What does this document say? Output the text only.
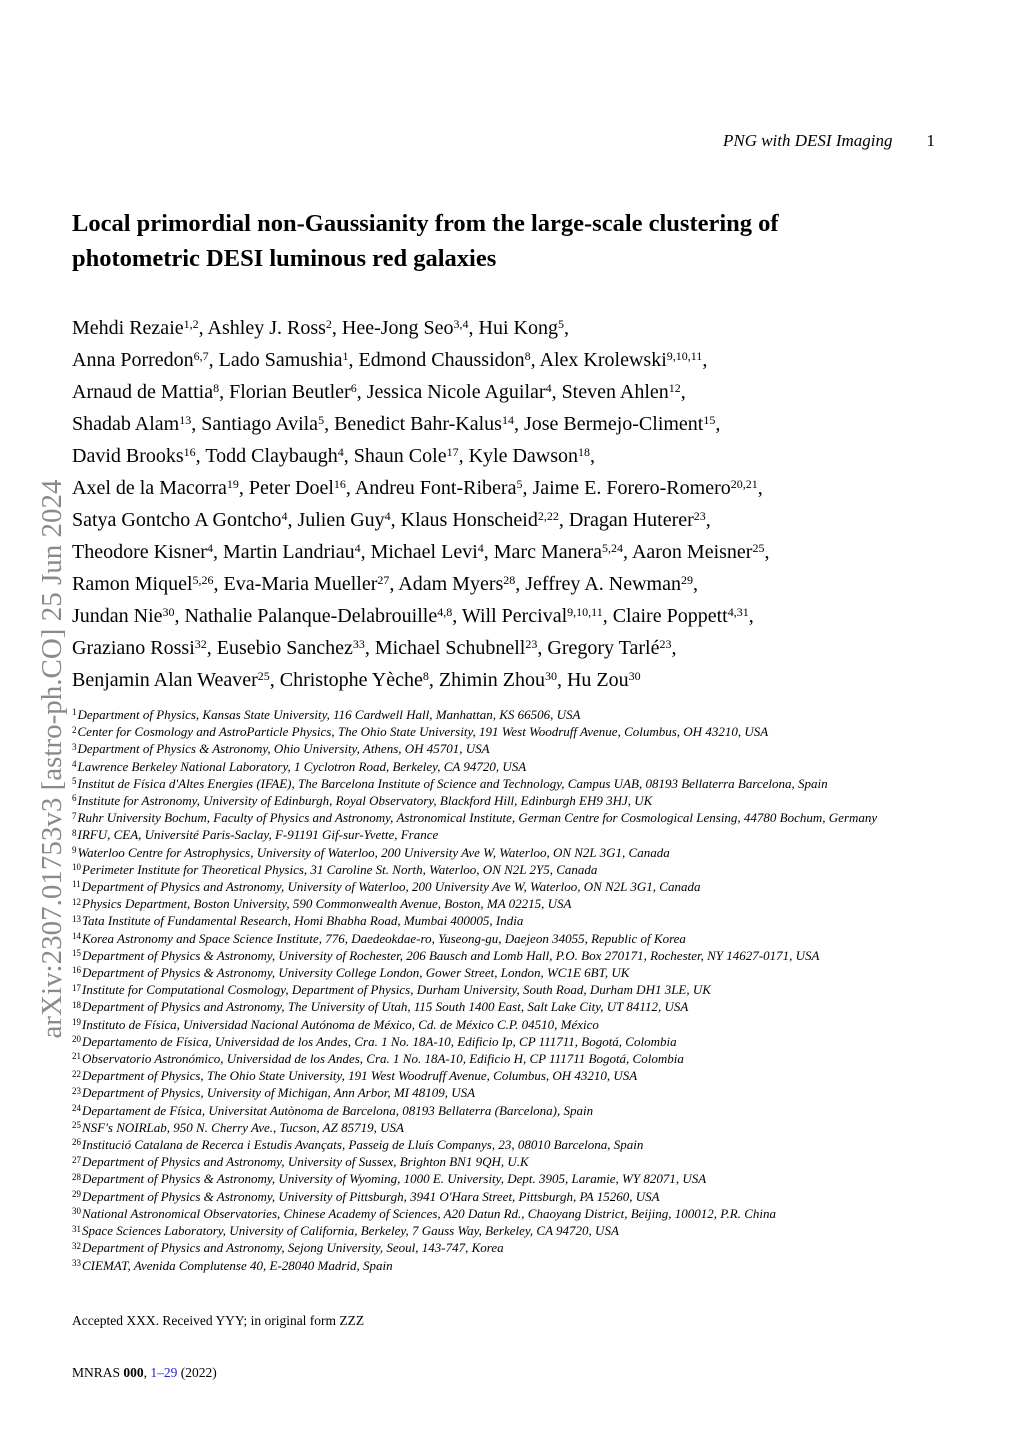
PNG with DESI Imaging 1
arXiv:2307.01753v3 [astro-ph.CO] 25 Jun 2024
Local primordial non-Gaussianity from the large-scale clustering of
photometric DESI luminous red galaxies
Mehdi Rezaie$^{1,2}$, Ashley J. Ross$^2$, Hee-Jong Seo$^{3,4}$, Hui Kong$^5$,
Anna Porredon$^{6,7}$, Lado Samushia$^1$, Edmond Chaussidon$^8$, Alex Krolewski$^{9,10,11}$,
Arnaud de Mattia$^8$, Florian Beutler$^6$, Jessica Nicole Aguilar$^4$, Steven Ahlen$^{12}$,
Shadab Alam$^{13}$, Santiago Avila$^5$, Benedict Bahr-Kalus$^{14}$, Jose Bermejo-Climent$^{15}$,
David Brooks$^{16}$, Todd Claybaugh$^4$, Shaun Cole$^{17}$, Kyle Dawson$^{18}$,
Axel de la Macorra$^{19}$, Peter Doel$^{16}$, Andreu Font-Ribera$^5$, Jaime E. Forero-Romero$^{20,21}$,
Satya Gontcho A Gontcho$^4$, Julien Guy$^4$, Klaus Honscheid$^{2,22}$, Dragan Huterer$^{23}$,
Theodore Kisner$^4$, Martin Landriau$^4$, Michael Levi$^4$, Marc Manera$^{5,24}$, Aaron Meisner$^{25}$,
Ramon Miquel$^{5,26}$, Eva-Maria Mueller$^{27}$, Adam Myers$^{28}$, Jeffrey A. Newman$^{29}$,
Jundan Nie$^{30}$, Nathalie Palanque-Delabrouille$^{4,8}$, Will Percival$^{9,10,11}$, Claire Poppett$^{4,31}$,
Graziano Rossi$^{32}$, Eusebio Sanchez$^{33}$, Michael Schubnell$^{23}$, Gregory Tarlé$^{23}$,
Benjamin Alan Weaver$^{25}$, Christophe Yèche$^8$, Zhimin Zhou$^{30}$, Hu Zou$^{30}$
$^1$Department of Physics, Kansas State University, 116 Cardwell Hall, Manhattan, KS 66506, USA
$^2$Center for Cosmology and AstroParticle Physics, The Ohio State University, 191 West Woodruff Avenue, Columbus, OH 43210, USA
$^3$Department of Physics & Astronomy, Ohio University, Athens, OH 45701, USA
$^4$Lawrence Berkeley National Laboratory, 1 Cyclotron Road, Berkeley, CA 94720, USA
$^5$Institut de Física d'Altes Energies (IFAE), The Barcelona Institute of Science and Technology, Campus UAB, 08193 Bellaterra Barcelona, Spain
$^6$Institute for Astronomy, University of Edinburgh, Royal Observatory, Blackford Hill, Edinburgh EH9 3HJ, UK
$^7$Ruhr University Bochum, Faculty of Physics and Astronomy, Astronomical Institute, German Centre for Cosmological Lensing, 44780 Bochum, Germany
$^8$IRFU, CEA, Université Paris-Saclay, F-91191 Gif-sur-Yvette, France
$^9$Waterloo Centre for Astrophysics, University of Waterloo, 200 University Ave W, Waterloo, ON N2L 3G1, Canada
$^{10}$Perimeter Institute for Theoretical Physics, 31 Caroline St. North, Waterloo, ON N2L 2Y5, Canada
$^{11}$Department of Physics and Astronomy, University of Waterloo, 200 University Ave W, Waterloo, ON N2L 3G1, Canada
$^{12}$Physics Department, Boston University, 590 Commonwealth Avenue, Boston, MA 02215, USA
$^{13}$Tata Institute of Fundamental Research, Homi Bhabha Road, Mumbai 400005, India
$^{14}$Korea Astronomy and Space Science Institute, 776, Daedeokdae-ro, Yuseong-gu, Daejeon 34055, Republic of Korea
$^{15}$Department of Physics & Astronomy, University of Rochester, 206 Bausch and Lomb Hall, P.O. Box 270171, Rochester, NY 14627-0171, USA
$^{16}$Department of Physics & Astronomy, University College London, Gower Street, London, WC1E 6BT, UK
$^{17}$Institute for Computational Cosmology, Department of Physics, Durham University, South Road, Durham DH1 3LE, UK
$^{18}$Department of Physics and Astronomy, The University of Utah, 115 South 1400 East, Salt Lake City, UT 84112, USA
$^{19}$Instituto de Física, Universidad Nacional Autónoma de México, Cd. de México C.P. 04510, México
$^{20}$Departamento de Física, Universidad de los Andes, Cra. 1 No. 18A-10, Edificio Ip, CP 111711, Bogotá, Colombia
$^{21}$Observatorio Astronómico, Universidad de los Andes, Cra. 1 No. 18A-10, Edificio H, CP 111711 Bogotá, Colombia
$^{22}$Department of Physics, The Ohio State University, 191 West Woodruff Avenue, Columbus, OH 43210, USA
$^{23}$Department of Physics, University of Michigan, Ann Arbor, MI 48109, USA
$^{24}$Departament de Física, Universitat Autònoma de Barcelona, 08193 Bellaterra (Barcelona), Spain
$^{25}$NSF's NOIRLab, 950 N. Cherry Ave., Tucson, AZ 85719, USA
$^{26}$Institució Catalana de Recerca i Estudis Avançats, Passeig de Lluís Companys, 23, 08010 Barcelona, Spain
$^{27}$Department of Physics and Astronomy, University of Sussex, Brighton BN1 9QH, U.K
$^{28}$Department of Physics & Astronomy, University of Wyoming, 1000 E. University, Dept. 3905, Laramie, WY 82071, USA
$^{29}$Department of Physics & Astronomy, University of Pittsburgh, 3941 O'Hara Street, Pittsburgh, PA 15260, USA
$^{30}$National Astronomical Observatories, Chinese Academy of Sciences, A20 Datun Rd., Chaoyang District, Beijing, 100012, P.R. China
$^{31}$Space Sciences Laboratory, University of California, Berkeley, 7 Gauss Way, Berkeley, CA 94720, USA
$^{32}$Department of Physics and Astronomy, Sejong University, Seoul, 143-747, Korea
$^{33}$CIEMAT, Avenida Complutense 40, E-28040 Madrid, Spain
Accepted XXX. Received YYY; in original form ZZZ
MNRAS 000, 1–29 (2022)
